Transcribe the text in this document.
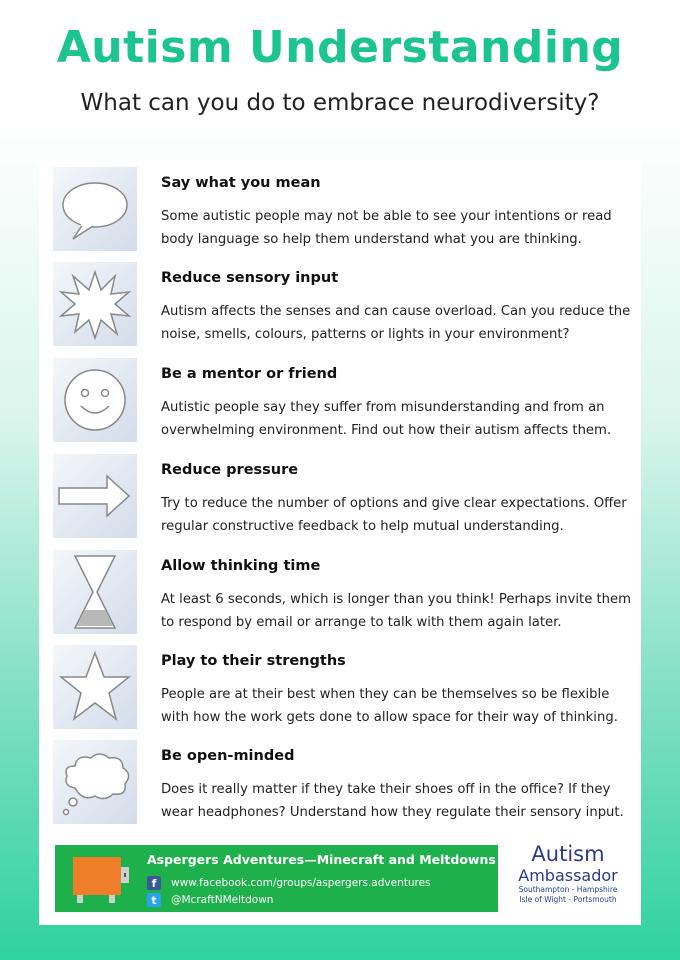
Autism Understanding
What can you do to embrace neurodiversity?
Say what you mean
Some autistic people may not be able to see your intentions or read
body language so help them understand what you are thinking.
Reduce sensory input
Autism affects the senses and can cause overload. Can you reduce the
noise, smells, colours, patterns or lights in your environment?
Be a mentor or friend
Autistic people say they suffer from misunderstanding and from an
overwhelming environment. Find out how their autism affects them.
Reduce pressure
Try to reduce the number of options and give clear expectations. Offer
regular constructive feedback to help mutual understanding.
Allow thinking time
At least 6 seconds, which is longer than you think! Perhaps invite them
to respond by email or arrange to talk with them again later.
Play to their strengths
People are at their best when they can be themselves so be flexible
with how the work gets done to allow space for their way of thinking.
Be open-minded
Does it really matter if they take their shoes off in the office? If they
wear headphones? Understand how they regulate their sensory input.
Aspergers Adventures—Minecraft and Meltdowns
f	www.facebook.com/groups/aspergers.adventures
t	@McraftNMeltdown
Autism
Ambassador
Southampton - Hampshire
Isle of Wight - Portsmouth
